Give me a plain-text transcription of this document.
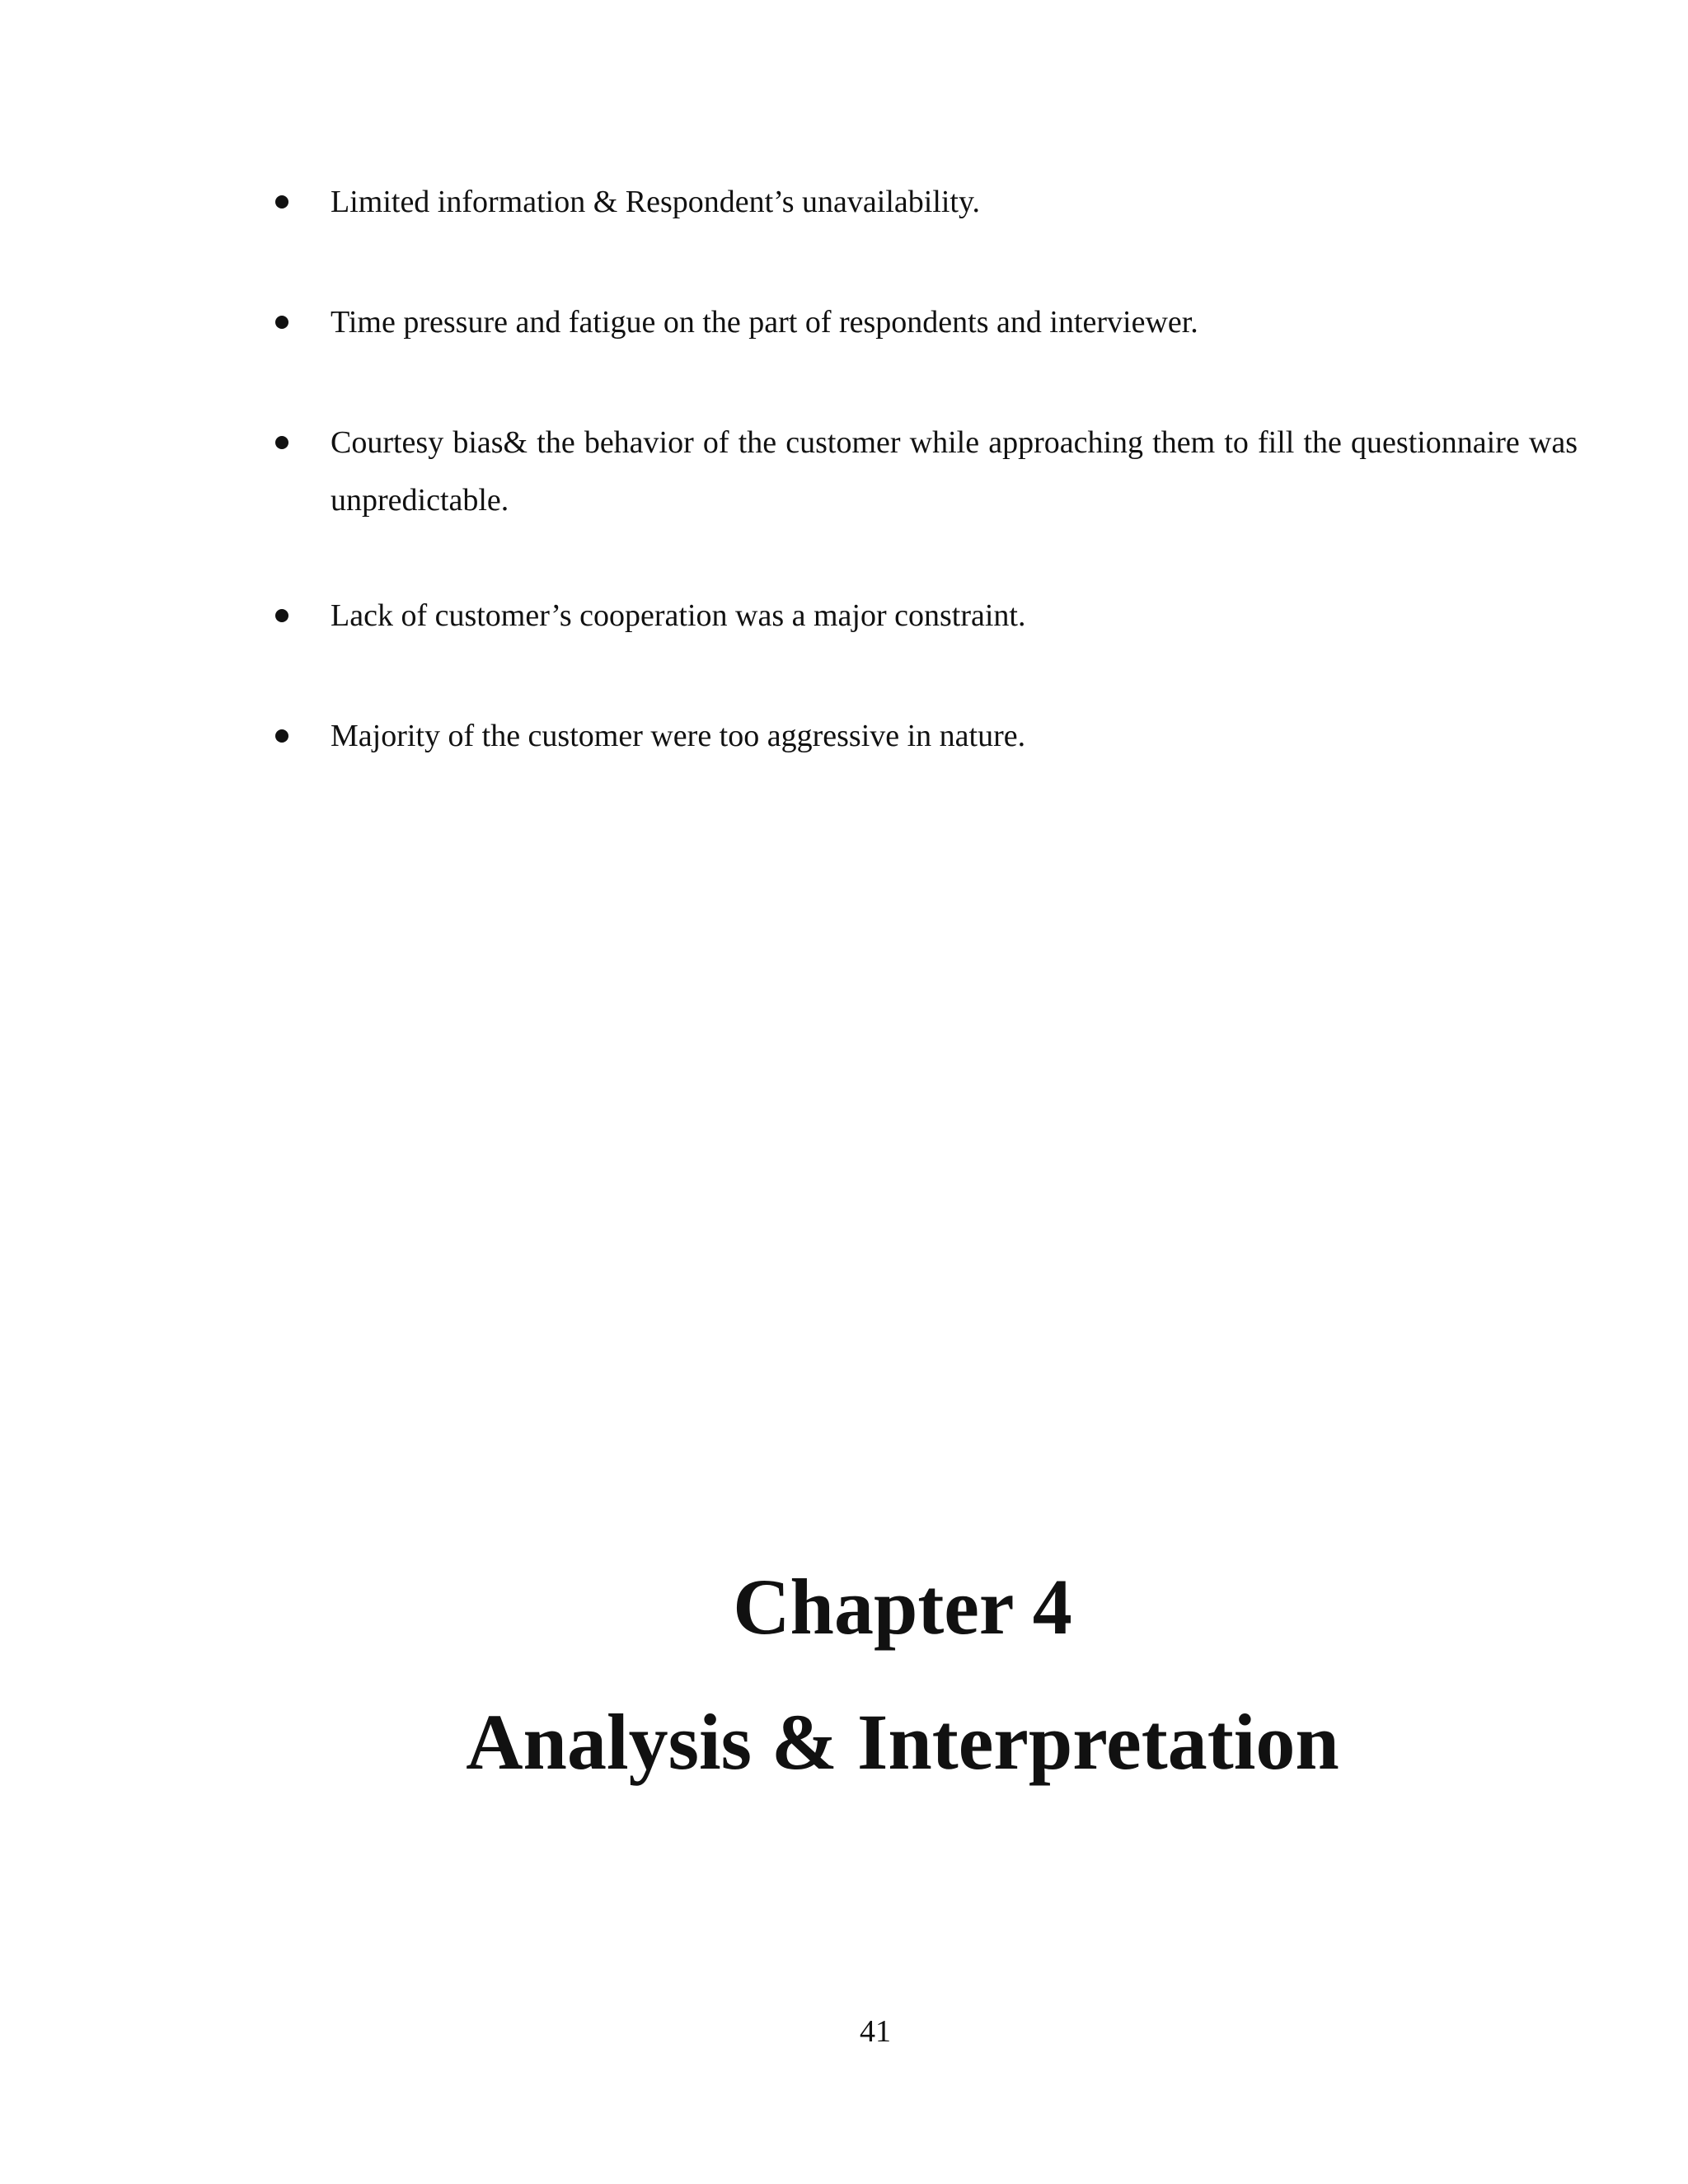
Limited information & Respondent’s unavailability.
Time pressure and fatigue on the part of respondents and interviewer.
Courtesy bias& the behavior of the customer while approaching them to fill the questionnaire was unpredictable.
Lack of customer’s cooperation was a major constraint.
Majority of the customer were too aggressive in nature.
Chapter 4
Analysis & Interpretation
41
